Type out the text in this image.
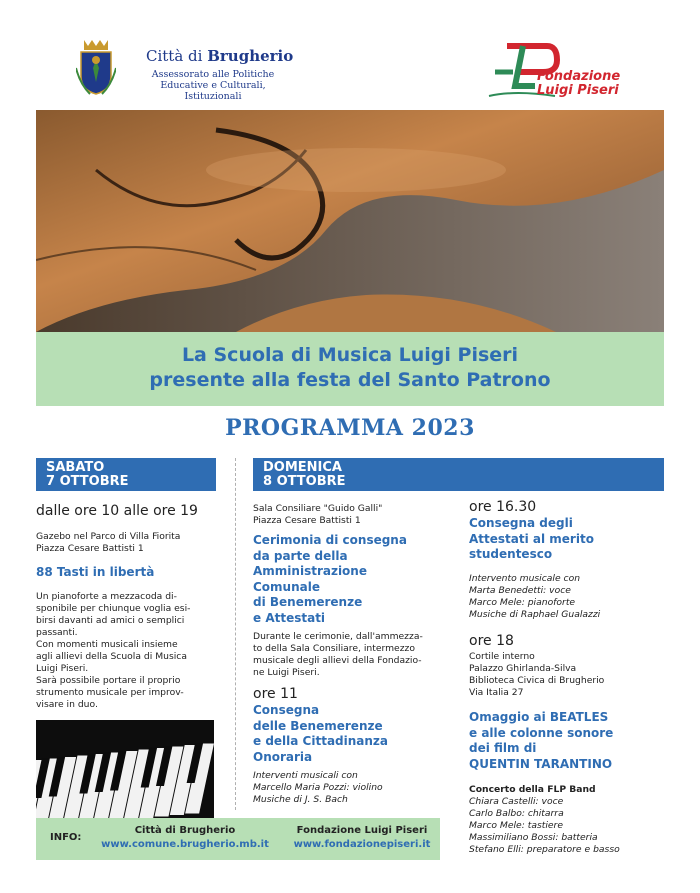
Città di Brugherio
Assessorato alle Politiche
Educative e Culturali,
Istituzionali
Fondazione
Luigi Piseri
La Scuola di Musica Luigi Piseri
presente alla festa del Santo Patrono
PROGRAMMA 2023
SABATO
7 OTTOBRE
dalle ore 10 alle ore 19
Gazebo nel Parco di Villa Fiorita
Piazza Cesare Battisti 1
88 Tasti in libertà
Un pianoforte a mezzacoda di-
sponibile per chiunque voglia esi-
birsi davanti ad amici o semplici
passanti.
Con momenti musicali insieme
agli allievi della Scuola di Musica
Luigi Piseri.
Sarà possibile portare il proprio
strumento musicale per improv-
visare in duo.
DOMENICA
8 OTTOBRE
Sala Consiliare "Guido Galli"
Piazza Cesare Battisti 1
Cerimonia di consegna
da parte della
Amministrazione
Comunale
di Benemerenze
e Attestati
Durante le cerimonie, dall'ammezza-
to della Sala Consiliare, intermezzo
musicale degli allievi della Fondazio-
ne Luigi Piseri.
ore 11
Consegna
delle Benemerenze
e della Cittadinanza
Onoraria
Interventi musicali con
Marcello Maria Pozzi: violino
Musiche di J. S. Bach
ore 16.30
Consegna degli
Attestati al merito
studentesco
Intervento musicale con
Marta Benedetti: voce
Marco Mele: pianoforte
Musiche di Raphael Gualazzi
ore 18
Cortile interno
Palazzo Ghirlanda-Silva
Biblioteca Civica di Brugherio
Via Italia 27
Omaggio ai BEATLES
e alle colonne sonore
dei film di
QUENTIN TARANTINO
Concerto della FLP Band
Chiara Castelli: voce
Carlo Balbo: chitarra
Marco Mele: tastiere
Massimiliano Bossi: batteria
Stefano Elli: preparatore e basso
INFO:
Città di Brugherio
www.comune.brugherio.mb.it
Fondazione Luigi Piseri
www.fondazionepiseri.it
